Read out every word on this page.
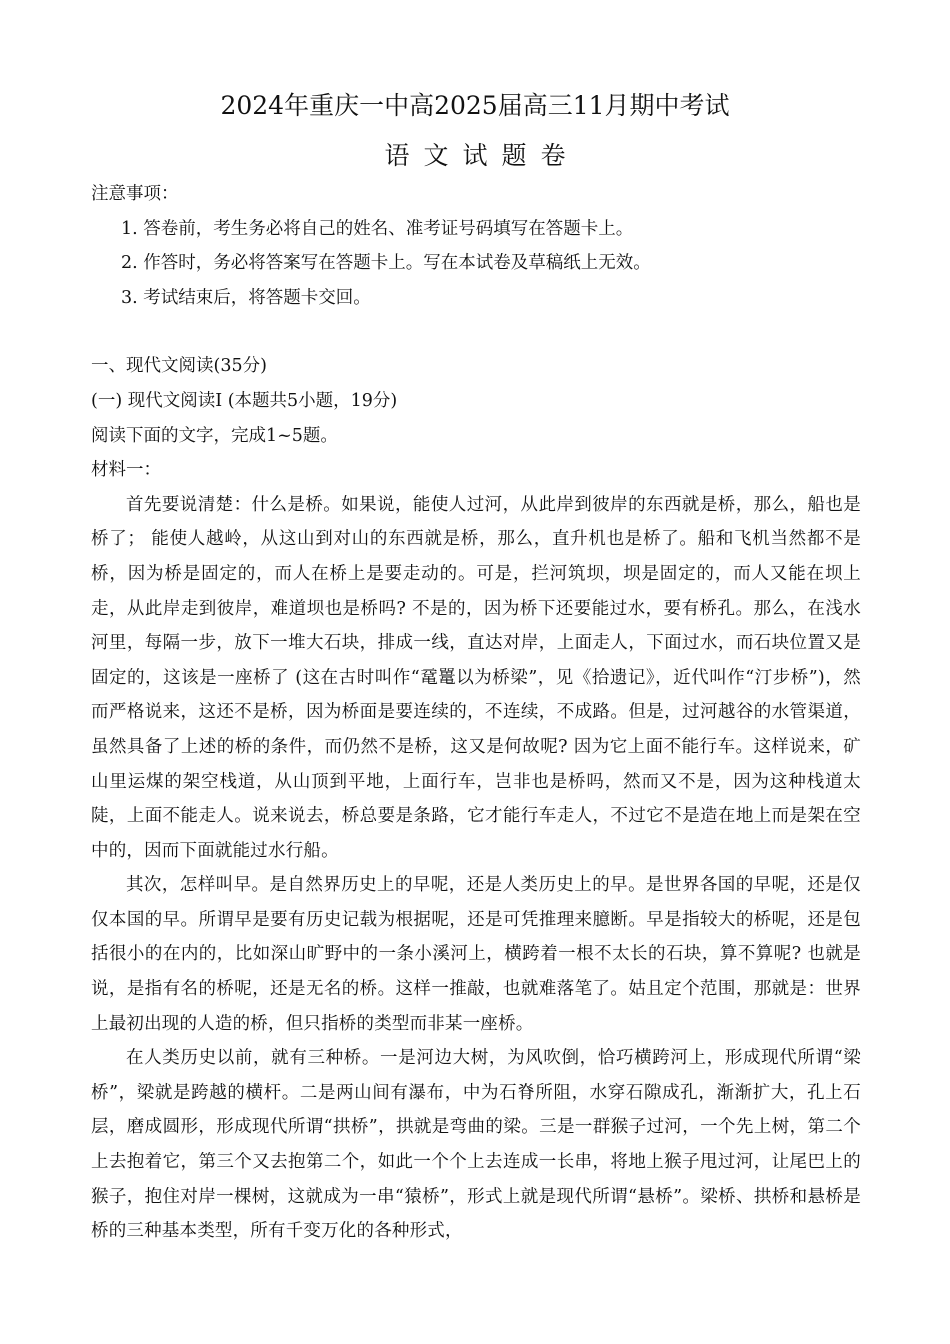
2024年重庆一中高2025届高三11月期中考试
语文试题卷

注意事项：

1. 答卷前，考生务必将自己的姓名、准考证号码填写在答题卡上。

2. 作答时，务必将答案写在答题卡上。写在本试卷及草稿纸上无效。

3. 考试结束后，将答题卡交回。

一、现代文阅读(35分)

(一) 现代文阅读Ⅰ (本题共5小题，19分)

阅读下面的文字，完成1~5题。

材料一：

首先要说清楚：什么是桥。如果说，能使人过河，从此岸到彼岸的东西就是桥，那么，船也是桥了； 能使人越岭，从这山到对山的东西就是桥，那么，直升机也是桥了。船和飞机当然都不是桥，因为桥是固定的，而人在桥上是要走动的。可是，拦河筑坝，坝是固定的，而人又能在坝上走，从此岸走到彼岸，难道坝也是桥吗? 不是的，因为桥下还要能过水，要有桥孔。那么，在浅水河里，每隔一步，放下一堆大石块，排成一线，直达对岸，上面走人，下面过水，而石块位置又是固定的，这该是一座桥了 (这在古时叫作“鼋鼍以为桥梁”，见《拾遗记》，近代叫作“汀步桥”)，然而严格说来，这还不是桥，因为桥面是要连续的，不连续，不成路。但是，过河越谷的水管渠道，虽然具备了上述的桥的条件，而仍然不是桥，这又是何故呢? 因为它上面不能行车。这样说来，矿山里运煤的架空栈道，从山顶到平地，上面行车，岂非也是桥吗，然而又不是，因为这种栈道太陡，上面不能走人。说来说去，桥总要是条路，它才能行车走人，不过它不是造在地上而是架在空中的，因而下面就能过水行船。

其次，怎样叫早。是自然界历史上的早呢，还是人类历史上的早。是世界各国的早呢，还是仅仅本国的早。所谓早是要有历史记载为根据呢，还是可凭推理来臆断。早是指较大的桥呢，还是包括很小的在内的，比如深山旷野中的一条小溪河上，横跨着一根不太长的石块，算不算呢? 也就是说，是指有名的桥呢，还是无名的桥。这样一推敲，也就难落笔了。姑且定个范围，那就是：世界上最初出现的人造的桥，但只指桥的类型而非某一座桥。

在人类历史以前，就有三种桥。一是河边大树，为风吹倒，恰巧横跨河上，形成现代所谓“梁桥”，梁就是跨越的横杆。二是两山间有瀑布，中为石脊所阻，水穿石隙成孔，渐渐扩大，孔上石层，磨成圆形，形成现代所谓“拱桥”，拱就是弯曲的梁。三是一群猴子过河，一个先上树，第二个上去抱着它，第三个又去抱第二个，如此一个个上去连成一长串，将地上猴子甩过河，让尾巴上的猴子，抱住对岸一棵树，这就成为一串“猿桥”，形式上就是现代所谓“悬桥”。梁桥、拱桥和悬桥是桥的三种基本类型，所有千变万化的各种形式，
